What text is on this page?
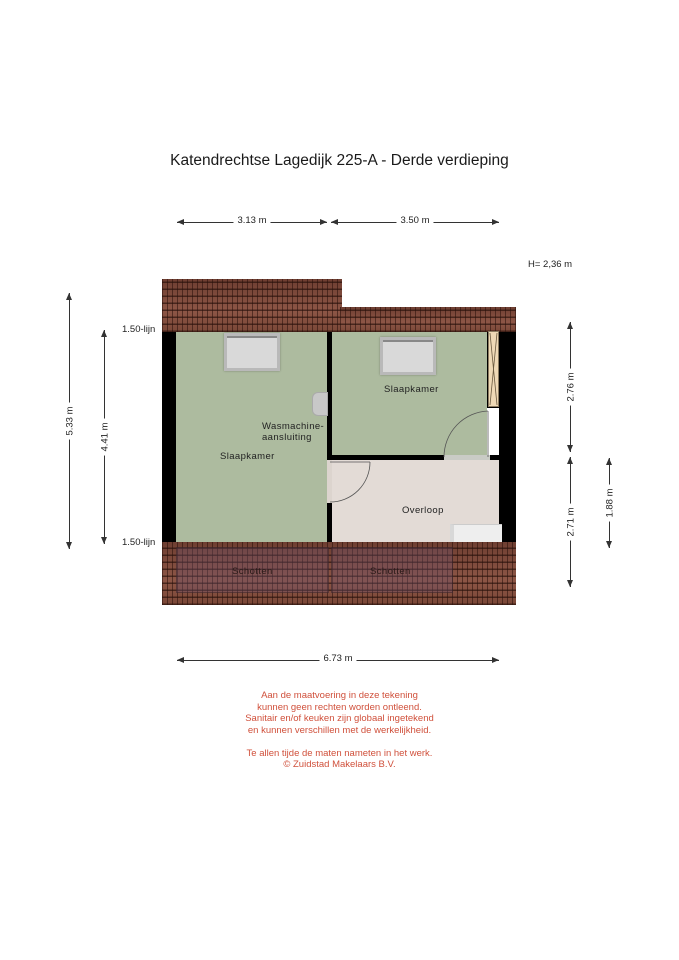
Katendrechtse Lagedijk 225-A - Derde verdieping
3.13 m	3.50 m
H= 2,36 m
5.33 m
4.41 m
1.50-lijn
1.50-lijn
2.76 m
2.71 m
1.88 m
Slaapkamer
Slaapkamer
Overloop
Wasmachine-
aansluiting
Schotten	Schotten
6.73 m
Aan de maatvoering in deze tekening
kunnen geen rechten worden ontleend.
Sanitair en/of keuken zijn globaal ingetekend
en kunnen verschillen met de werkelijkheid.
Te allen tijde de maten nameten in het werk.
© Zuidstad Makelaars B.V.
